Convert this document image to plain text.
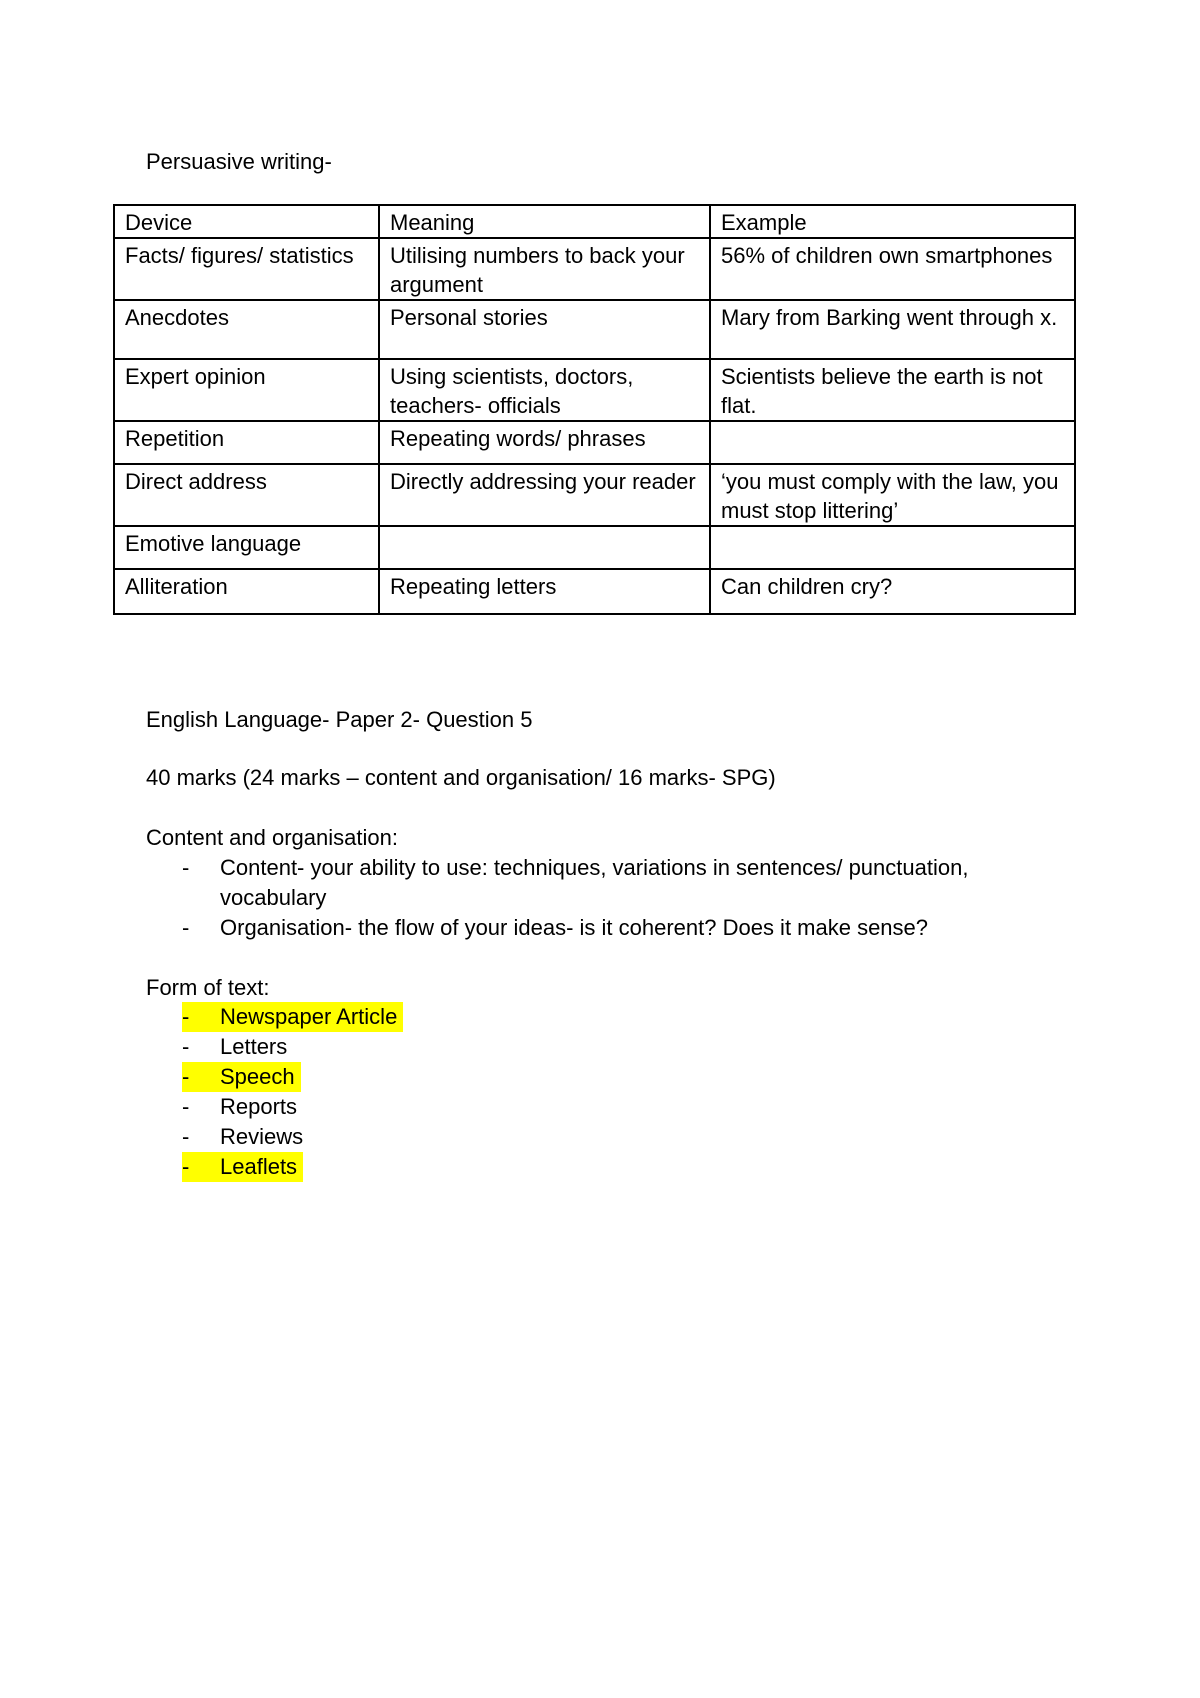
Persuasive writing-
Device	Meaning	Example
Facts/ figures/ statistics	Utilising numbers to back your argument	56% of children own smartphones
Anecdotes	Personal stories	Mary from Barking went through x.
Expert opinion	Using scientists, doctors, teachers- officials	Scientists believe the earth is not flat.
Repetition	Repeating words/ phrases	
Direct address	Directly addressing your reader	‘you must comply with the law, you must stop littering’
Emotive language		
Alliteration	Repeating letters	Can children cry?
English Language- Paper 2- Question 5
40 marks (24 marks – content and organisation/ 16 marks- SPG)
Content and organisation:
-	Content- your ability to use: techniques, variations in sentences/ punctuation, vocabulary
-	Organisation- the flow of your ideas- is it coherent? Does it make sense?
Form of text:
-	Newspaper Article
-	Letters
-	Speech
-	Reports
-	Reviews
-	Leaflets
